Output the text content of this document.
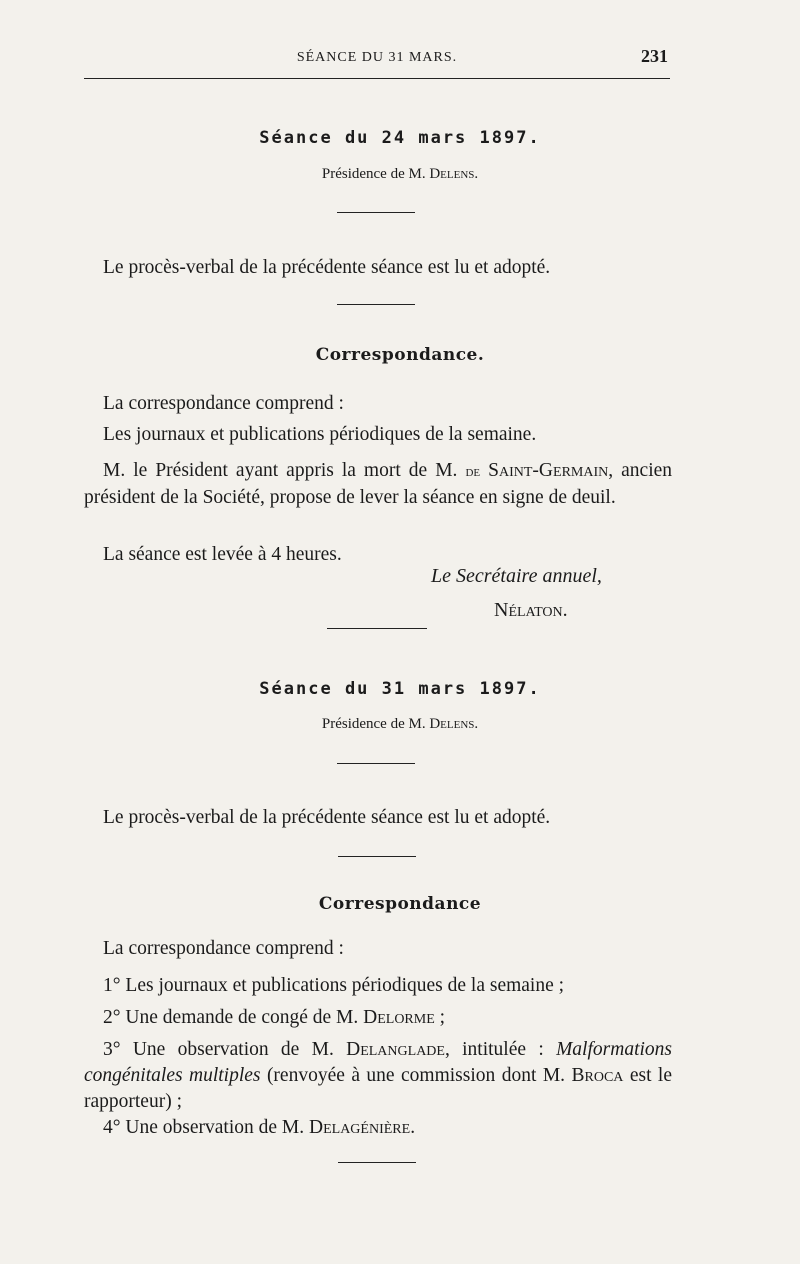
SÉANCE DU 31 MARS.	231
Séance du 24 mars 1897.
Présidence de M. Delens.
Le procès-verbal de la précédente séance est lu et adopté.
Correspondance.
La correspondance comprend :
Les journaux et publications périodiques de la semaine.
M. le Président ayant appris la mort de M. de Saint-Germain, ancien président de la Société, propose de lever la séance en signe de deuil.
La séance est levée à 4 heures.
Le Secrétaire annuel,
Nélaton.
Séance du 31 mars 1897.
Présidence de M. Delens.
Le procès-verbal de la précédente séance est lu et adopté.
Correspondance
La correspondance comprend :
1° Les journaux et publications périodiques de la semaine ;
2° Une demande de congé de M. Delorme ;
3° Une observation de M. Delanglade, intitulée : Malformations congénitales multiples (renvoyée à une commission dont M. Broca est le rapporteur) ;
4° Une observation de M. Delagénière.
